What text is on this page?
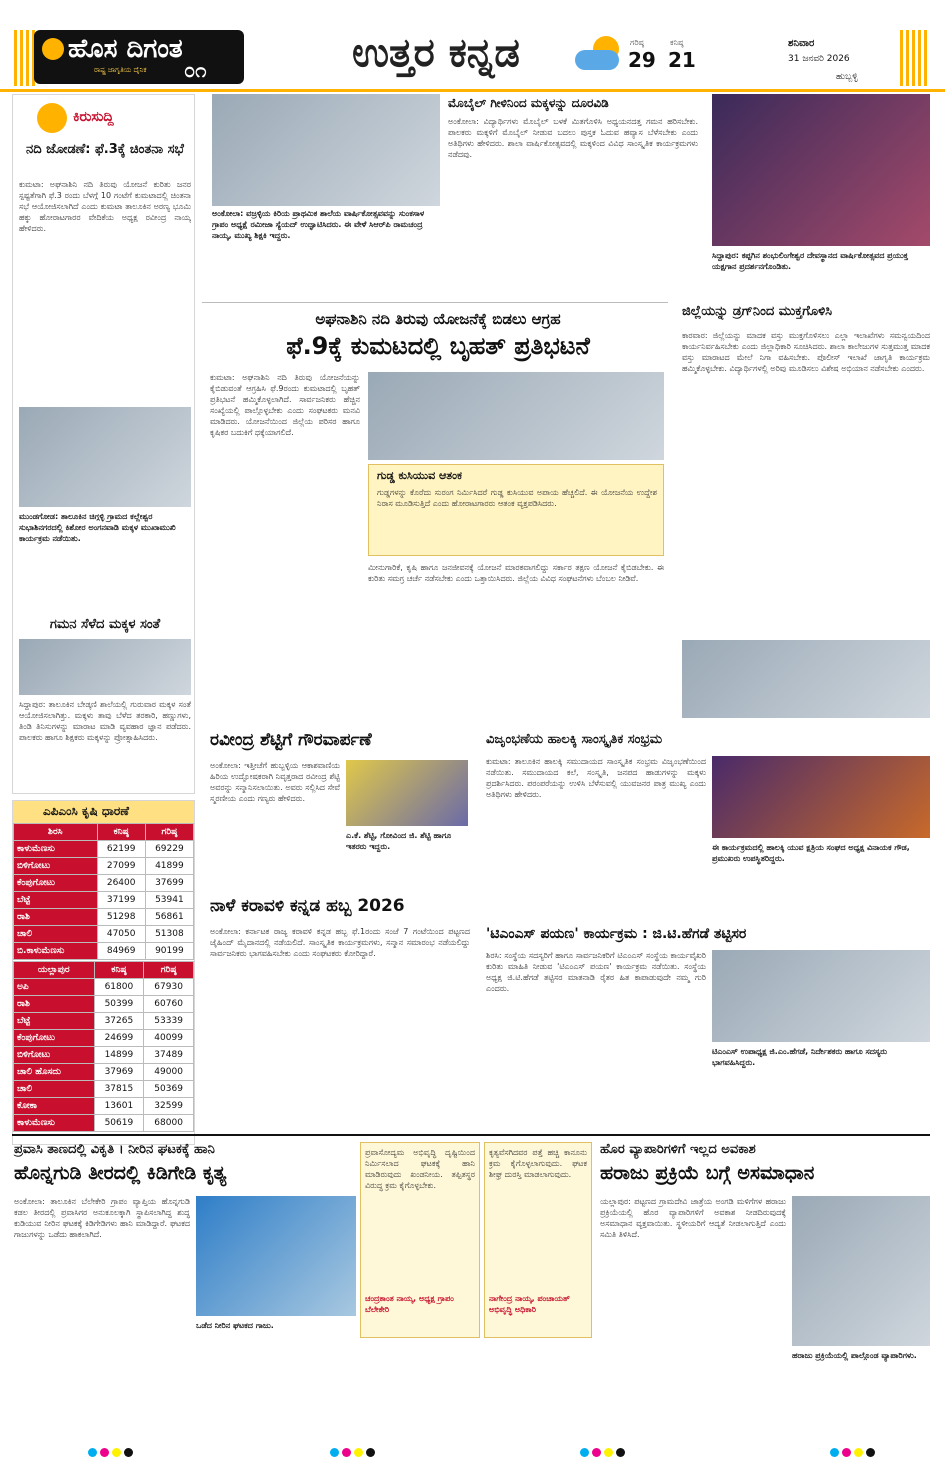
ಹೊಸ ದಿಗಂತ
ರಾಷ್ಟ್ರ ಜಾಗೃತಿಯ ದೈನಿಕ ೦೧	ಉತ್ತರ ಕನ್ನಡ	ಗರಿಷ್ಠ
29
ಕನಿಷ್ಠ
21
ಶನಿವಾರ
31 ಜನವರಿ 2026
ಹುಬ್ಬಳ್ಳಿ
ಕಿರುಸುದ್ದಿ
ನದಿ ಜೋಡಣೆ: ಫೆ.3ಕ್ಕೆ ಚಿಂತನಾ ಸಭೆ
ಕುಮಟಾ: ಅಘನಾಶಿನಿ ನದಿ ತಿರುವು ಯೋಜನೆ ಕುರಿತು ಜನರ ಸ್ಪಷ್ಟತೆಗಾಗಿ ಫೆ.3 ರಂದು ಬೆಳಗ್ಗೆ 10 ಗಂಟೆಗೆ ಕುಮಟಾದಲ್ಲಿ ಚಿಂತನಾ ಸಭೆ ಆಯೋಜಿಸಲಾಗಿದೆ ಎಂದು ಕುಮಟಾ ತಾಲೂಕಿನ ಅರಣ್ಯ ಭೂಮಿ ಹಕ್ಕು ಹೋರಾಟಗಾರರ ವೇದಿಕೆಯ ಅಧ್ಯಕ್ಷ ರವೀಂದ್ರ ನಾಯ್ಕ ಹೇಳಿದರು.
ಮುಂಡಗೋಡ: ತಾಲೂಕಿನ ಚಿಗ್ಗಳ್ಳಿ ಗ್ರಾಮದ ಕಲ್ಲೇಶ್ವರ ಸುಭಾಶಿನಗರದಲ್ಲಿ ಕಿಶೋರ ಅಂಗನವಾಡಿ ಮಕ್ಕಳ ಮುಖಾಮುಖಿ ಕಾರ್ಯಕ್ರಮ ನಡೆಯಿತು.
ಗಮನ ಸೆಳೆದ ಮಕ್ಕಳ ಸಂತೆ
ಸಿದ್ದಾಪುರ: ತಾಲೂಕಿನ ಬೇಡ್ಕಣಿ ಶಾಲೆಯಲ್ಲಿ ಗುರುವಾರ ಮಕ್ಕಳ ಸಂತೆ ಆಯೋಜಿಸಲಾಗಿತ್ತು. ಮಕ್ಕಳು ತಾವು ಬೆಳೆದ ತರಕಾರಿ, ಹಣ್ಣುಗಳು, ತಿಂಡಿ ತಿನಿಸುಗಳನ್ನು ಮಾರಾಟ ಮಾಡಿ ವ್ಯವಹಾರ ಜ್ಞಾನ ಪಡೆದರು. ಪಾಲಕರು ಹಾಗೂ ಶಿಕ್ಷಕರು ಮಕ್ಕಳನ್ನು ಪ್ರೋತ್ಸಾಹಿಸಿದರು.
ಎಪಿಎಂಸಿ ಕೃಷಿ ಧಾರಣೆ
ಶಿರಸಿ	ಕನಿಷ್ಠ	ಗರಿಷ್ಠ
ಕಾಳುಮೆಣಸು	62199	69229
ಬಿಳಿಗೋಟು	27099	41899
ಕೆಂಪುಗೋಟು	26400	37699
ಬೆಟ್ಟೆ	37199	53941
ರಾಶಿ	51298	56861
ಚಾಲಿ	47050	51308
ಬಿ.ಕಾಳುಮೆಣಸು	84969	90199
ಯಲ್ಲಾಪುರ	ಕನಿಷ್ಠ	ಗರಿಷ್ಠ
ಅಪಿ	61800	67930
ರಾಶಿ	50399	60760
ಬೆಟ್ಟೆ	37265	53339
ಕೆಂಪುಗೋಟು	24699	40099
ಬಿಳಿಗೋಟು	14899	37489
ಚಾಲಿ ಹೊಸದು	37969	49000
ಚಾಲಿ	37815	50369
ಕೋಕಾ	13601	32599
ಕಾಳುಮೆಣಸು	50619	68000
ಅಂಕೋಲಾ: ವಜ್ರಳ್ಳಿಯ ಕಿರಿಯ ಪ್ರಾಥಮಿಕ ಶಾಲೆಯ ವಾರ್ಷಿಕೋತ್ಸವವನ್ನು ಸುಂಕಸಾಳ ಗ್ರಾಪಂ ಅಧ್ಯಕ್ಷೆ ರಮೀಜಾ ಸ್ಯೆಯದ್ ಉದ್ಘಾಟಿಸಿದರು. ಈ ವೇಳೆ ಸಿಆರ್‌ಪಿ ರಾಮಚಂದ್ರ ನಾಯ್ಕ, ಮುಖ್ಯ ಶಿಕ್ಷಕಿ ಇದ್ದರು.
ಮೊಬೈಲ್ ಗೀಳಿನಿಂದ ಮಕ್ಕಳನ್ನು ದೂರವಿಡಿ
ಅಂಕೋಲಾ: ವಿದ್ಯಾರ್ಥಿಗಳು ಮೊಬೈಲ್ ಬಳಕೆ ಮಿತಗೊಳಿಸಿ ಅಧ್ಯಯನದತ್ತ ಗಮನ ಹರಿಸಬೇಕು. ಪಾಲಕರು ಮಕ್ಕಳಿಗೆ ಮೊಬೈಲ್ ನೀಡುವ ಬದಲು ಪುಸ್ತಕ ಓದುವ ಹವ್ಯಾಸ ಬೆಳೆಸಬೇಕು ಎಂದು ಅತಿಥಿಗಳು ಹೇಳಿದರು. ಶಾಲಾ ವಾರ್ಷಿಕೋತ್ಸವದಲ್ಲಿ ಮಕ್ಕಳಿಂದ ವಿವಿಧ ಸಾಂಸ್ಕೃತಿಕ ಕಾರ್ಯಕ್ರಮಗಳು ನಡೆದವು.
ಸಿದ್ದಾಪುರ: ಕಪ್ಪಗಿನ ಶಂಭುಲಿಂಗೇಶ್ವರ ದೇವಸ್ಥಾನದ ವಾರ್ಷಿಕೋತ್ಸವದ ಪ್ರಯುಕ್ತ ಯಕ್ಷಗಾನ ಪ್ರದರ್ಶನಗೊಂಡಿತು.
ಅಘನಾಶಿನಿ ನದಿ ತಿರುವು ಯೋಜನೆಕ್ಕೆ ಬಿಡಲು ಆಗ್ರಹ
ಫೆ.9ಕ್ಕೆ ಕುಮಟದಲ್ಲಿ ಬೃಹತ್ ಪ್ರತಿಭಟನೆ
ಕುಮಟಾ: ಅಘನಾಶಿನಿ ನದಿ ತಿರುವು ಯೋಜನೆಯನ್ನು ಕೈಬಿಡುವಂತೆ ಆಗ್ರಹಿಸಿ ಫೆ.9ರಂದು ಕುಮಟಾದಲ್ಲಿ ಬೃಹತ್ ಪ್ರತಿಭಟನೆ ಹಮ್ಮಿಕೊಳ್ಳಲಾಗಿದೆ. ಸಾರ್ವಜನಿಕರು ಹೆಚ್ಚಿನ ಸಂಖ್ಯೆಯಲ್ಲಿ ಪಾಲ್ಗೊಳ್ಳಬೇಕು ಎಂದು ಸಂಘಟಕರು ಮನವಿ ಮಾಡಿದರು. ಯೋಜನೆಯಿಂದ ಜಿಲ್ಲೆಯ ಪರಿಸರ ಹಾಗೂ ಕೃಷಿಕರ ಬದುಕಿಗೆ ಧಕ್ಕೆಯಾಗಲಿದೆ.
ಗುಡ್ಡ ಕುಸಿಯುವ ಆತಂಕ
ಗುಡ್ಡಗಳನ್ನು ಕೊರೆದು ಸುರಂಗ ನಿರ್ಮಿಸಿದರೆ ಗುಡ್ಡ ಕುಸಿಯುವ ಅಪಾಯ ಹೆಚ್ಚಲಿದೆ. ಈ ಯೋಜನೆಯ ಉದ್ದೇಶ ನಿರಾಸ ಮೂಡಿಸುತ್ತಿದೆ ಎಂದು ಹೋರಾಟಗಾರರು ಆತಂಕ ವ್ಯಕ್ತಪಡಿಸಿದರು.
ಮೀನುಗಾರಿಕೆ, ಕೃಷಿ ಹಾಗೂ ಜನಜೀವನಕ್ಕೆ ಯೋಜನೆ ಮಾರಕವಾಗಲಿದ್ದು ಸರ್ಕಾರ ತಕ್ಷಣ ಯೋಜನೆ ಕೈಬಿಡಬೇಕು. ಈ ಕುರಿತು ಸಮಗ್ರ ಚರ್ಚೆ ನಡೆಸಬೇಕು ಎಂದು ಒತ್ತಾಯಿಸಿದರು. ಜಿಲ್ಲೆಯ ವಿವಿಧ ಸಂಘಟನೆಗಳು ಬೆಂಬಲ ನೀಡಿವೆ.
ಜಿಲ್ಲೆಯನ್ನು ಡ್ರಗ್‌ನಿಂದ ಮುಕ್ತಗೊಳಿಸಿ
ಕಾರವಾರ: ಜಿಲ್ಲೆಯನ್ನು ಮಾದಕ ವಸ್ತು ಮುಕ್ತಗೊಳಿಸಲು ಎಲ್ಲಾ ಇಲಾಖೆಗಳು ಸಮನ್ವಯದಿಂದ ಕಾರ್ಯನಿರ್ವಹಿಸಬೇಕು ಎಂದು ಜಿಲ್ಲಾಧಿಕಾರಿ ಸೂಚಿಸಿದರು. ಶಾಲಾ ಕಾಲೇಜುಗಳ ಸುತ್ತಮುತ್ತ ಮಾದಕ ವಸ್ತು ಮಾರಾಟದ ಮೇಲೆ ನಿಗಾ ವಹಿಸಬೇಕು. ಪೊಲೀಸ್ ಇಲಾಖೆ ಜಾಗೃತಿ ಕಾರ್ಯಕ್ರಮ ಹಮ್ಮಿಕೊಳ್ಳಬೇಕು. ವಿದ್ಯಾರ್ಥಿಗಳಲ್ಲಿ ಅರಿವು ಮೂಡಿಸಲು ವಿಶೇಷ ಅಭಿಯಾನ ನಡೆಸಬೇಕು ಎಂದರು.
ರವೀಂದ್ರ ಶೆಟ್ಟಿಗೆ ಗೌರವಾರ್ಪಣೆ
ಅಂಕೋಲಾ: ಇತ್ತೀಚೆಗೆ ಹುಬ್ಬಳ್ಳಿಯ ಆಕಾಶವಾಣಿಯ ಹಿರಿಯ ಉದ್ಘೋಷಕರಾಗಿ ನಿವೃತ್ತರಾದ ರವೀಂದ್ರ ಶೆಟ್ಟಿ ಅವರನ್ನು ಸನ್ಮಾನಿಸಲಾಯಿತು. ಅವರು ಸಲ್ಲಿಸಿದ ಸೇವೆ ಸ್ಮರಣೀಯ ಎಂದು ಗಣ್ಯರು ಹೇಳಿದರು.
ಎ.ಕೆ. ಶೆಟ್ಟಿ, ಗೋವಿಂದ ಜಿ. ಶೆಟ್ಟಿ ಹಾಗೂ ಇತರರು ಇದ್ದರು.
ವಿಜೃಂಭಣೆಯ ಹಾಲಕ್ಕಿ ಸಾಂಸ್ಕೃತಿಕ ಸಂಭ್ರಮ
ಕುಮಟಾ: ತಾಲೂಕಿನ ಹಾಲಕ್ಕಿ ಸಮುದಾಯದ ಸಾಂಸ್ಕೃತಿಕ ಸಂಭ್ರಮ ವಿಜೃಂಭಣೆಯಿಂದ ನಡೆಯಿತು. ಸಮುದಾಯದ ಕಲೆ, ಸಂಸ್ಕೃತಿ, ಜನಪದ ಹಾಡುಗಳನ್ನು ಮಕ್ಕಳು ಪ್ರದರ್ಶಿಸಿದರು. ಪರಂಪರೆಯನ್ನು ಉಳಿಸಿ ಬೆಳೆಸುವಲ್ಲಿ ಯುವಜನರ ಪಾತ್ರ ಮುಖ್ಯ ಎಂದು ಅತಿಥಿಗಳು ಹೇಳಿದರು.
ಈ ಕಾರ್ಯಕ್ರಮದಲ್ಲಿ ಹಾಲಕ್ಕಿ ಯುವ ಕ್ಷತ್ರಿಯ ಸಂಘದ ಅಧ್ಯಕ್ಷ ವಿನಾಯಕ ಗೌಡ, ಪ್ರಮುಖರು ಉಪಸ್ಥಿತರಿದ್ದರು.
ನಾಳೆ ಕರಾವಳಿ ಕನ್ನಡ ಹಬ್ಬ 2026
ಅಂಕೋಲಾ: ಕರ್ನಾಟಕ ರಾಜ್ಯ ಕರಾವಳಿ ಕನ್ನಡ ಹಬ್ಬ ಫೆ.1ರಂದು ಸಂಜೆ 7 ಗಂಟೆಯಿಂದ ಪಟ್ಟಣದ ಜೈಹಿಂದ್ ಮೈದಾನದಲ್ಲಿ ನಡೆಯಲಿದೆ. ಸಾಂಸ್ಕೃತಿಕ ಕಾರ್ಯಕ್ರಮಗಳು, ಸನ್ಮಾನ ಸಮಾರಂಭ ನಡೆಯಲಿದ್ದು ಸಾರ್ವಜನಿಕರು ಭಾಗವಹಿಸಬೇಕು ಎಂದು ಸಂಘಟಕರು ಕೋರಿದ್ದಾರೆ.
'ಟಿಎಂಎಸ್ ಪಯಣ' ಕಾರ್ಯಕ್ರಮ : ಜಿ.ಟಿ.ಹೆಗಡೆ ತಟ್ಟಿಸರ
ಶಿರಸಿ: ಸಂಸ್ಥೆಯ ಸದಸ್ಯರಿಗೆ ಹಾಗೂ ಸಾರ್ವಜನಿಕರಿಗೆ ಟಿಎಂಎಸ್ ಸಂಸ್ಥೆಯ ಕಾರ್ಯವೈಖರಿ ಕುರಿತು ಮಾಹಿತಿ ನೀಡುವ 'ಟಿಎಂಎಸ್ ಪಯಣ' ಕಾರ್ಯಕ್ರಮ ನಡೆಯಿತು. ಸಂಸ್ಥೆಯ ಅಧ್ಯಕ್ಷ ಜಿ.ಟಿ.ಹೆಗಡೆ ತಟ್ಟಿಸರ ಮಾತನಾಡಿ ರೈತರ ಹಿತ ಕಾಪಾಡುವುದೇ ನಮ್ಮ ಗುರಿ ಎಂದರು.
ಟಿಎಂಎಸ್ ಉಪಾಧ್ಯಕ್ಷ ಜಿ.ಎಂ.ಹೆಗಡೆ, ನಿರ್ದೇಶಕರು ಹಾಗೂ ಸದಸ್ಯರು ಭಾಗವಹಿಸಿದ್ದರು.
ಪ್ರವಾಸಿ ತಾಣದಲ್ಲಿ ವಿಕೃತಿ । ನೀರಿನ ಘಟಕಕ್ಕೆ ಹಾನಿ
ಹೊನ್ನಗುಡಿ ತೀರದಲ್ಲಿ ಕಿಡಿಗೇಡಿ ಕೃತ್ಯ
ಅಂಕೋಲಾ: ತಾಲೂಕಿನ ಬೆಲೇಕೇರಿ ಗ್ರಾಪಂ ವ್ಯಾಪ್ತಿಯ ಹೊನ್ನಗುಡಿ ಕಡಲ ತೀರದಲ್ಲಿ ಪ್ರವಾಸಿಗರ ಅನುಕೂಲಕ್ಕಾಗಿ ಸ್ಥಾಪಿಸಲಾಗಿದ್ದ ಶುದ್ಧ ಕುಡಿಯುವ ನೀರಿನ ಘಟಕಕ್ಕೆ ಕಿಡಿಗೇಡಿಗಳು ಹಾನಿ ಮಾಡಿದ್ದಾರೆ. ಘಟಕದ ಗಾಜುಗಳನ್ನು ಒಡೆದು ಹಾಕಲಾಗಿದೆ.
ಒಡೆದ ನೀರಿನ ಘಟಕದ ಗಾಜು.
ಪ್ರವಾಸೋದ್ಯಮ ಅಭಿವೃದ್ಧಿ ದೃಷ್ಟಿಯಿಂದ ನಿರ್ಮಿಸಲಾದ ಘಟಕಕ್ಕೆ ಹಾನಿ ಮಾಡಿರುವುದು ಖಂಡನೀಯ. ತಪ್ಪಿತಸ್ಥರ ವಿರುದ್ಧ ಕ್ರಮ ಕೈಗೊಳ್ಳಬೇಕು.
ಚಂದ್ರಕಾಂತ ನಾಯ್ಕ, ಅಧ್ಯಕ್ಷ ಗ್ರಾಪಂ ಬೆಲೇಕೇರಿ
ಕೃತ್ಯವೆಸಗಿದವರ ಪತ್ತೆ ಹಚ್ಚಿ ಕಾನೂನು ಕ್ರಮ ಕೈಗೊಳ್ಳಲಾಗುವುದು. ಘಟಕ ಶೀಘ್ರ ದುರಸ್ತಿ ಮಾಡಲಾಗುವುದು.
ನಾಗೇಂದ್ರ ನಾಯ್ಕ, ಪಂಚಾಯತ್ ಅಭಿವೃದ್ಧಿ ಅಧಿಕಾರಿ
ಹೊರ ವ್ಯಾಪಾರಿಗಳಿಗೆ ಇಲ್ಲದ ಅವಕಾಶ
ಹರಾಜು ಪ್ರಕ್ರಿಯೆ ಬಗ್ಗೆ ಅಸಮಾಧಾನ
ಯಲ್ಲಾಪುರ: ಪಟ್ಟಣದ ಗ್ರಾಮದೇವಿ ಜಾತ್ರೆಯ ಅಂಗಡಿ ಮಳಿಗೆಗಳ ಹರಾಜು ಪ್ರಕ್ರಿಯೆಯಲ್ಲಿ ಹೊರ ವ್ಯಾಪಾರಿಗಳಿಗೆ ಅವಕಾಶ ನೀಡದಿರುವುದಕ್ಕೆ ಅಸಮಾಧಾನ ವ್ಯಕ್ತವಾಯಿತು. ಸ್ಥಳೀಯರಿಗೆ ಆದ್ಯತೆ ನೀಡಲಾಗುತ್ತಿದೆ ಎಂದು ಸಮಿತಿ ತಿಳಿಸಿದೆ.
ಹರಾಜು ಪ್ರಕ್ರಿಯೆಯಲ್ಲಿ ಪಾಲ್ಗೊಂಡ ವ್ಯಾಪಾರಿಗಳು.
